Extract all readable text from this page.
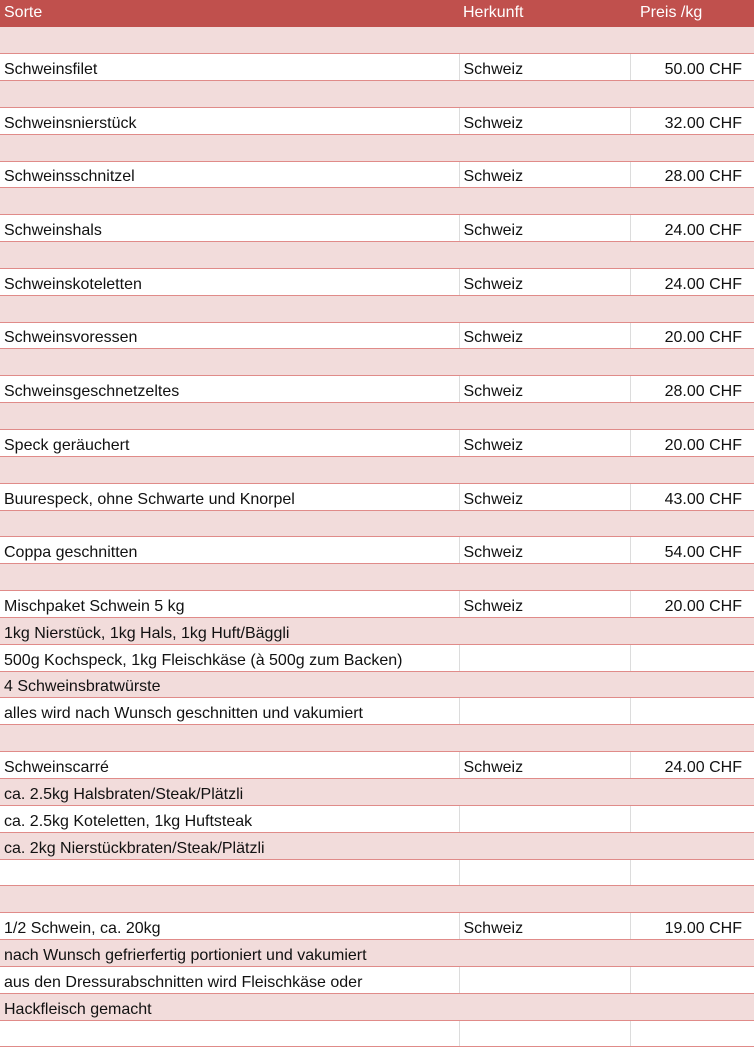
Sorte	Herkunft	Preis /kg

Schweinsfilet	Schweiz	50.00 CHF

Schweinsnierstück	Schweiz	32.00 CHF

Schweinsschnitzel	Schweiz	28.00 CHF

Schweinshals	Schweiz	24.00 CHF

Schweinskoteletten	Schweiz	24.00 CHF

Schweinsvoressen	Schweiz	20.00 CHF

Schweinsgeschnetzeltes	Schweiz	28.00 CHF

Speck geräuchert	Schweiz	20.00 CHF

Buurespeck, ohne Schwarte und Knorpel	Schweiz	43.00 CHF

Coppa geschnitten	Schweiz	54.00 CHF

Mischpaket Schwein 5 kg	Schweiz	20.00 CHF
1kg Nierstück, 1kg Hals, 1kg Huft/Bäggli		
500g Kochspeck, 1kg Fleischkäse (à 500g zum Backen)		
4 Schweinsbratwürste		
alles wird nach Wunsch geschnitten und vakumiert		

Schweinscarré	Schweiz	24.00 CHF
ca. 2.5kg Halsbraten/Steak/Plätzli		
ca. 2.5kg Koteletten, 1kg Huftsteak		
ca. 2kg Nierstückbraten/Steak/Plätzli		

1/2 Schwein, ca. 20kg	Schweiz	19.00 CHF
nach Wunsch gefrierfertig portioniert und vakumiert		
aus den Dressurabschnitten wird Fleischkäse oder		
Hackfleisch gemacht		
